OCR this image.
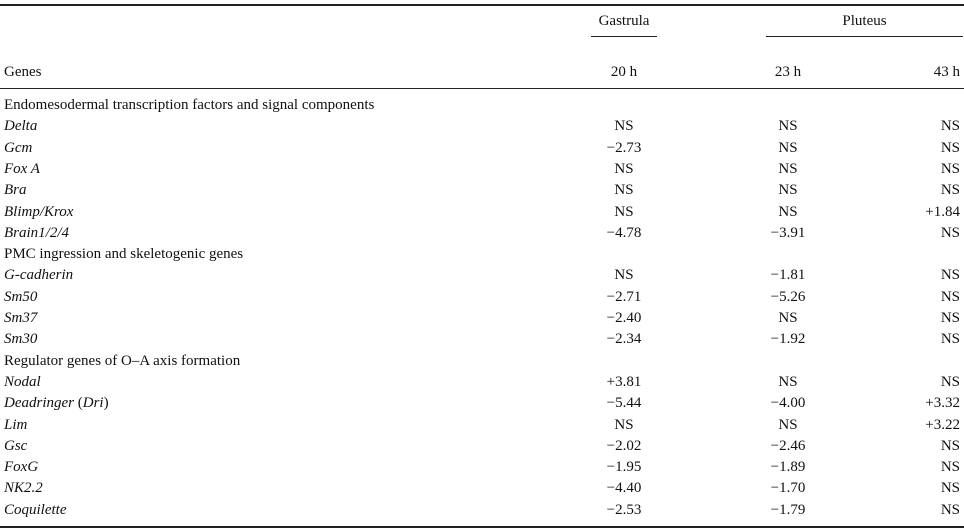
Gastrula	Pluteus
Genes	20 h	23 h	43 h
Endomesodermal transcription factors and signal components
Delta	NS	NS	NS
Gcm	−2.73	NS	NS
Fox A	NS	NS	NS
Bra	NS	NS	NS
Blimp/Krox	NS	NS	+1.84
Brain1/2/4	−4.78	−3.91	NS
PMC ingression and skeletogenic genes
G-cadherin	NS	−1.81	NS
Sm50	−2.71	−5.26	NS
Sm37	−2.40	NS	NS
Sm30	−2.34	−1.92	NS
Regulator genes of O–A axis formation
Nodal	+3.81	NS	NS
Deadringer (Dri)	−5.44	−4.00	+3.32
Lim	NS	NS	+3.22
Gsc	−2.02	−2.46	NS
FoxG	−1.95	−1.89	NS
NK2.2	−4.40	−1.70	NS
Coquilette	−2.53	−1.79	NS
